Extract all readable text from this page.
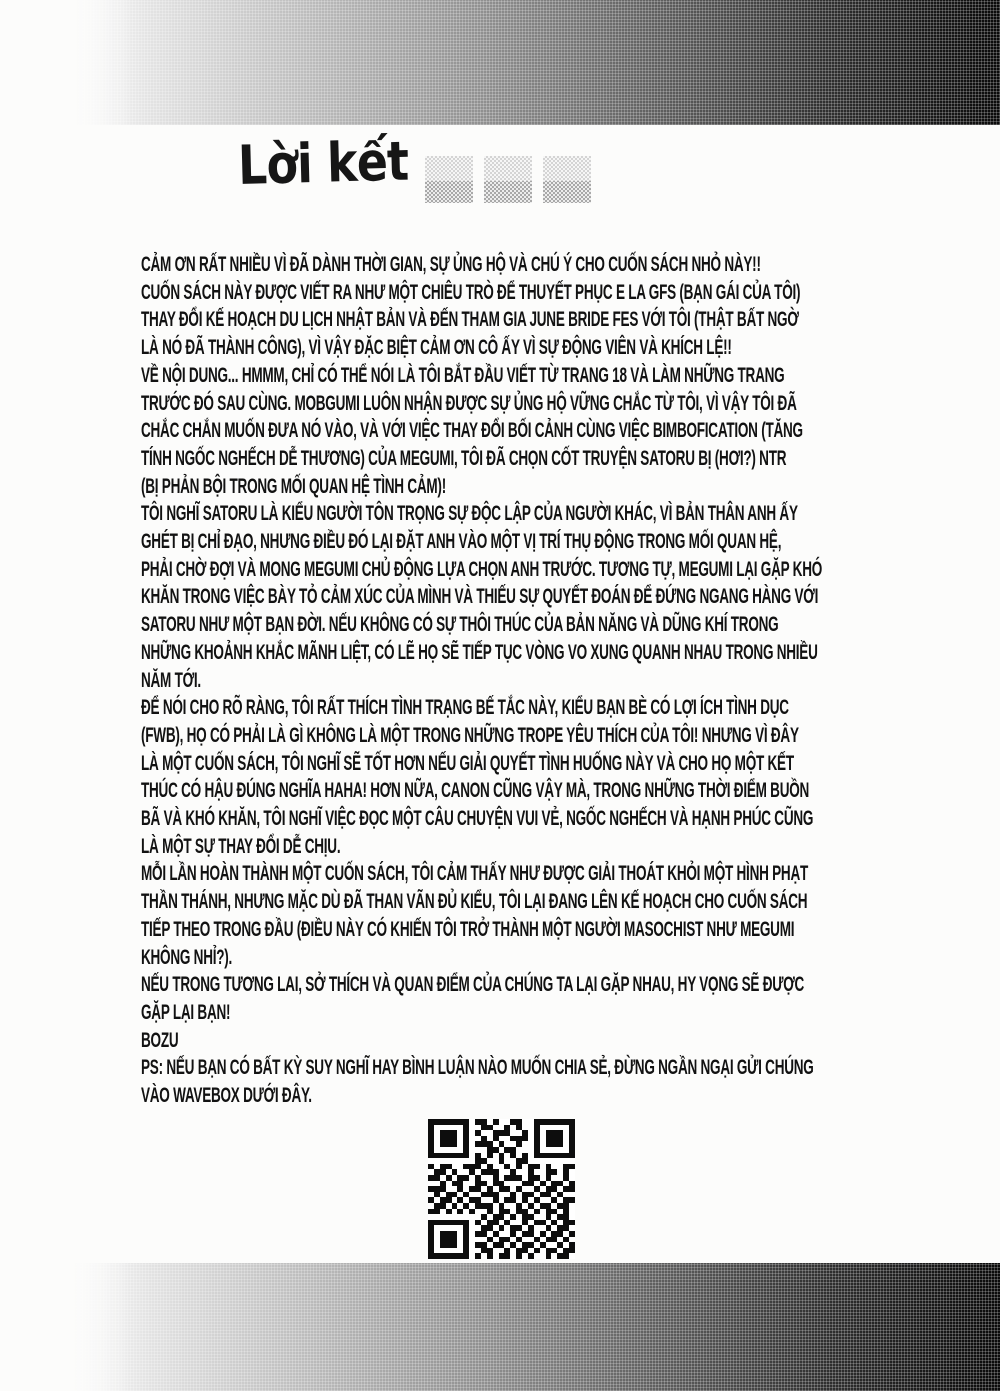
Lời kết
CẢM ƠN RẤT NHIỀU VÌ ĐÃ DÀNH THỜI GIAN, SỰ ỦNG HỘ VÀ CHÚ Ý CHO CUỐN SÁCH NHỎ NÀY!!
CUỐN SÁCH NÀY ĐƯỢC VIẾT RA NHƯ MỘT CHIÊU TRÒ ĐỂ THUYẾT PHỤC E LA GFS (BẠN GÁI CỦA TÔI)
THAY ĐỔI KẾ HOẠCH DU LỊCH NHẬT BẢN VÀ ĐẾN THAM GIA JUNE BRIDE FES VỚI TÔI (THẬT BẤT NGỜ
LÀ NÓ ĐÃ THÀNH CÔNG), VÌ VẬY ĐẶC BIỆT CẢM ƠN CÔ ẤY VÌ SỰ ĐỘNG VIÊN VÀ KHÍCH LỆ!!
VỀ NỘI DUNG... HMMM, CHỈ CÓ THỂ NÓI LÀ TÔI BẮT ĐẦU VIẾT TỪ TRANG 18 VÀ LÀM NHỮNG TRANG
TRƯỚC ĐÓ SAU CÙNG. MOBGUMI LUÔN NHẬN ĐƯỢC SỰ ỦNG HỘ VỮNG CHẮC TỪ TÔI, VÌ VẬY TÔI ĐÃ
CHẮC CHẮN MUỐN ĐƯA NÓ VÀO, VÀ VỚI VIỆC THAY ĐỔI BỐI CẢNH CÙNG VIỆC BIMBOFICATION (TĂNG
TÍNH NGỐC NGHẾCH DỄ THƯƠNG) CỦA MEGUMI, TÔI ĐÃ CHỌN CỐT TRUYỆN SATORU BỊ (HƠI?) NTR
(BỊ PHẢN BỘI TRONG MỐI QUAN HỆ TÌNH CẢM)!
TÔI NGHĨ SATORU LÀ KIỂU NGƯỜI TÔN TRỌNG SỰ ĐỘC LẬP CỦA NGƯỜI KHÁC, VÌ BẢN THÂN ANH ẤY
GHÉT BỊ CHỈ ĐẠO, NHƯNG ĐIỀU ĐÓ LẠI ĐẶT ANH VÀO MỘT VỊ TRÍ THỤ ĐỘNG TRONG MỐI QUAN HỆ,
PHẢI CHỜ ĐỢI VÀ MONG MEGUMI CHỦ ĐỘNG LỰA CHỌN ANH TRƯỚC. TƯƠNG TỰ, MEGUMI LẠI GẶP KHÓ
KHĂN TRONG VIỆC BÀY TỎ CẢM XÚC CỦA MÌNH VÀ THIẾU SỰ QUYẾT ĐOÁN ĐỂ ĐỨNG NGANG HÀNG VỚI
SATORU NHƯ MỘT BẠN ĐỜI. NẾU KHÔNG CÓ SỰ THÔI THÚC CỦA BẢN NĂNG VÀ DŨNG KHÍ TRONG
NHỮNG KHOẢNH KHẮC MÃNH LIỆT, CÓ LẼ HỌ SẼ TIẾP TỤC VÒNG VO XUNG QUANH NHAU TRONG NHIỀU
NĂM TỚI.
ĐỂ NÓI CHO RÕ RÀNG, TÔI RẤT THÍCH TÌNH TRẠNG BẾ TẮC NÀY, KIỂU BẠN BÈ CÓ LỢI ÍCH TÌNH DỤC
(FWB), HỌ CÓ PHẢI LÀ GÌ KHÔNG LÀ MỘT TRONG NHỮNG TROPE YÊU THÍCH CỦA TÔI! NHƯNG VÌ ĐÂY
LÀ MỘT CUỐN SÁCH, TÔI NGHĨ SẼ TỐT HƠN NẾU GIẢI QUYẾT TÌNH HUỐNG NÀY VÀ CHO HỌ MỘT KẾT
THÚC CÓ HẬU ĐÚNG NGHĨA HAHA! HƠN NỮA, CANON CŨNG VẬY MÀ, TRONG NHỮNG THỜI ĐIỂM BUỒN
BÃ VÀ KHÓ KHĂN, TÔI NGHĨ VIỆC ĐỌC MỘT CÂU CHUYỆN VUI VẺ, NGỐC NGHẾCH VÀ HẠNH PHÚC CŨNG
LÀ MỘT SỰ THAY ĐỔI DỄ CHỊU.
MỖI LẦN HOÀN THÀNH MỘT CUỐN SÁCH, TÔI CẢM THẤY NHƯ ĐƯỢC GIẢI THOÁT KHỎI MỘT HÌNH PHẠT
THẦN THÁNH, NHƯNG MẶC DÙ ĐÃ THAN VÃN ĐỦ KIỂU, TÔI LẠI ĐANG LÊN KẾ HOẠCH CHO CUỐN SÁCH
TIẾP THEO TRONG ĐẦU (ĐIỀU NÀY CÓ KHIẾN TÔI TRỞ THÀNH MỘT NGƯỜI MASOCHIST NHƯ MEGUMI
KHÔNG NHỈ?).
NẾU TRONG TƯƠNG LAI, SỞ THÍCH VÀ QUAN ĐIỂM CỦA CHÚNG TA LẠI GẶP NHAU, HY VỌNG SẼ ĐƯỢC
GẶP LẠI BẠN!
BOZU
PS: NẾU BẠN CÓ BẤT KỲ SUY NGHĨ HAY BÌNH LUẬN NÀO MUỐN CHIA SẺ, ĐỪNG NGẦN NGẠI GỬI CHÚNG
VÀO WAVEBOX DƯỚI ĐÂY.
